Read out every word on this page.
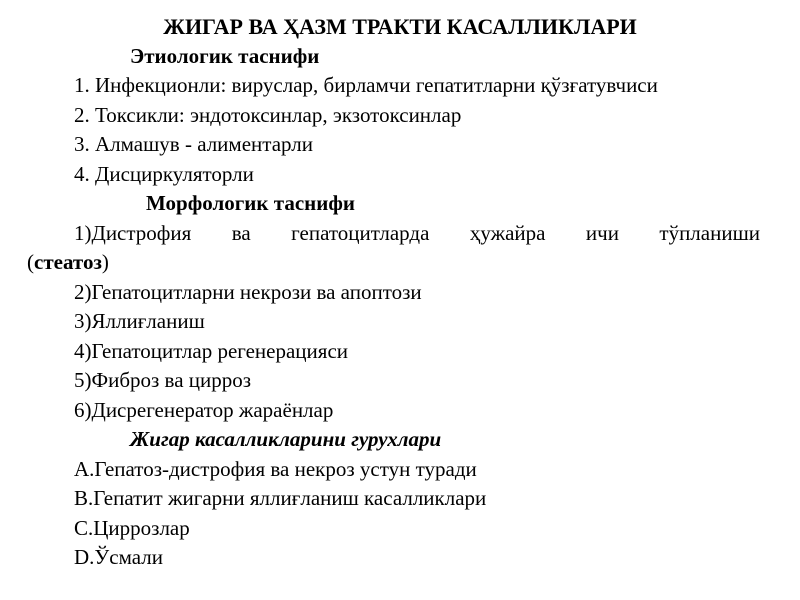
ЖИГАР ВА ҲАЗМ ТРАКТИ КАСАЛЛИКЛАРИ
Этиологик таснифи
1. Инфекционли: вируслар, бирламчи гепатитларни қўзғатувчиси
2. Токсикли: эндотоксинлар, экзотоксинлар
3. Алмашув - алиментарли
4. Дисциркуляторли
Морфологик таснифи
1)Дистрофия ва гепатоцитларда ҳужайра ичи тўпланиши
(стеатоз)
2)Гепатоцитларни некрози ва апоптози
3)Яллиғланиш
4)Гепатоцитлар регенерацияси
5)Фиброз ва цирроз
6)Дисрегенератор жараёнлар
Жигар касалликларини гурухлари
A.Гепатоз-дистрофия ва некроз устун туради
B.Гепатит жигарни яллиғланиш касалликлари
C.Циррозлар
D.Ўсмали
